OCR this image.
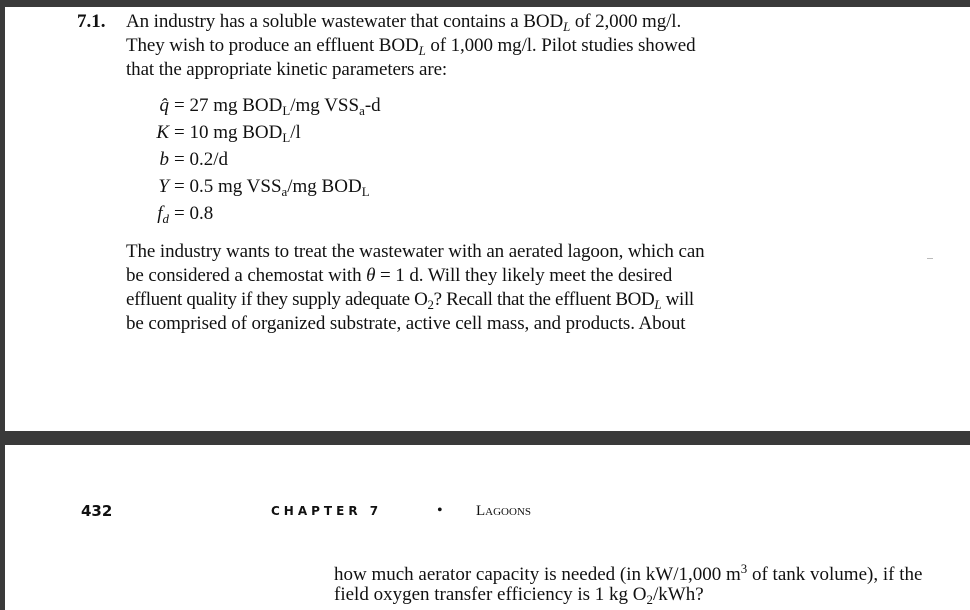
7.1. An industry has a soluble wastewater that contains a $BOD_L$ of 2,000 mg/l.
They wish to produce an effluent $BOD_L$ of 1,000 mg/l. Pilot studies showed
that the appropriate kinetic parameters are:
q̂ = 27 mg $BOD_L/mg$ $VSS_a-d$
K = 10 mg $BOD_L/l$
b = 0.2/d
Y = 0.5 mg $VSS_a/mg$ $BOD_L$
$f_d = 0.8$
The industry wants to treat the wastewater with an aerated lagoon, which can
be considered a chemostat with θ = 1 d. Will they likely meet the desired
effluent quality if they supply adequate $O_2$? Recall that the effluent $BOD_L$ will
be comprised of organized substrate, active cell mass, and products. About
432	CHAPTER 7	• Lagoons
how much aerator capacity is needed (in kW/1,000 $m^3$ of tank volume), if the
field oxygen transfer efficiency is 1 kg $O_2$/kWh?
